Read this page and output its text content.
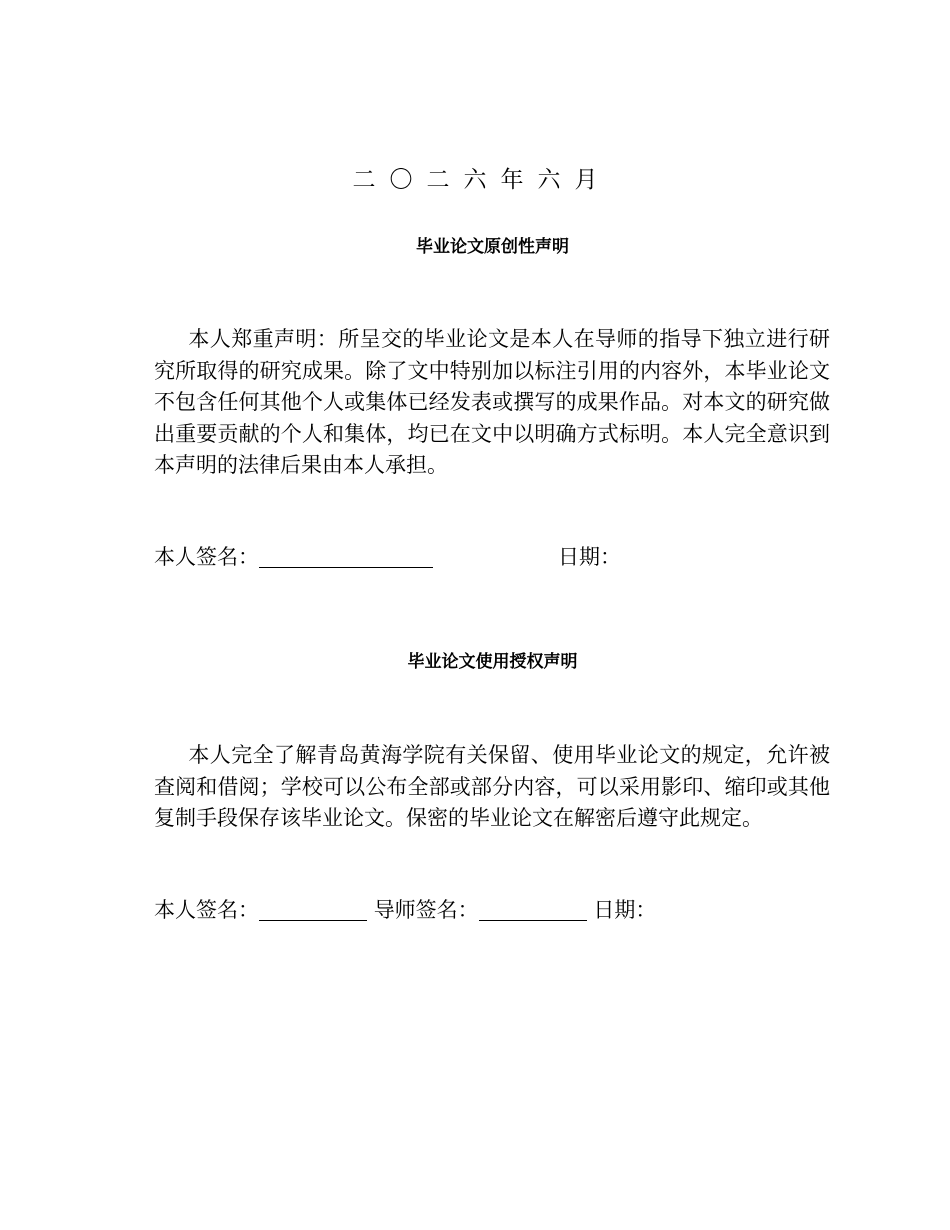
二〇二六年六月
毕业论文原创性声明

本人郑重声明：所呈交的毕业论文是本人在导师的指导下独立进行研究所取得的研究成果。除了文中特别加以标注引用的内容外，本毕业论文不包含任何其他个人或集体已经发表或撰写的成果作品。对本文的研究做出重要贡献的个人和集体，均已在文中以明确方式标明。本人完全意识到本声明的法律后果由本人承担。

本人签名：	日期：
毕业论文使用授权声明

本人完全了解青岛黄海学院有关保留、使用毕业论文的规定，允许被查阅和借阅；学校可以公布全部或部分内容，可以采用影印、缩印或其他复制手段保存该毕业论文。保密的毕业论文在解密后遵守此规定。

本人签名：	导师签名：	日期：
